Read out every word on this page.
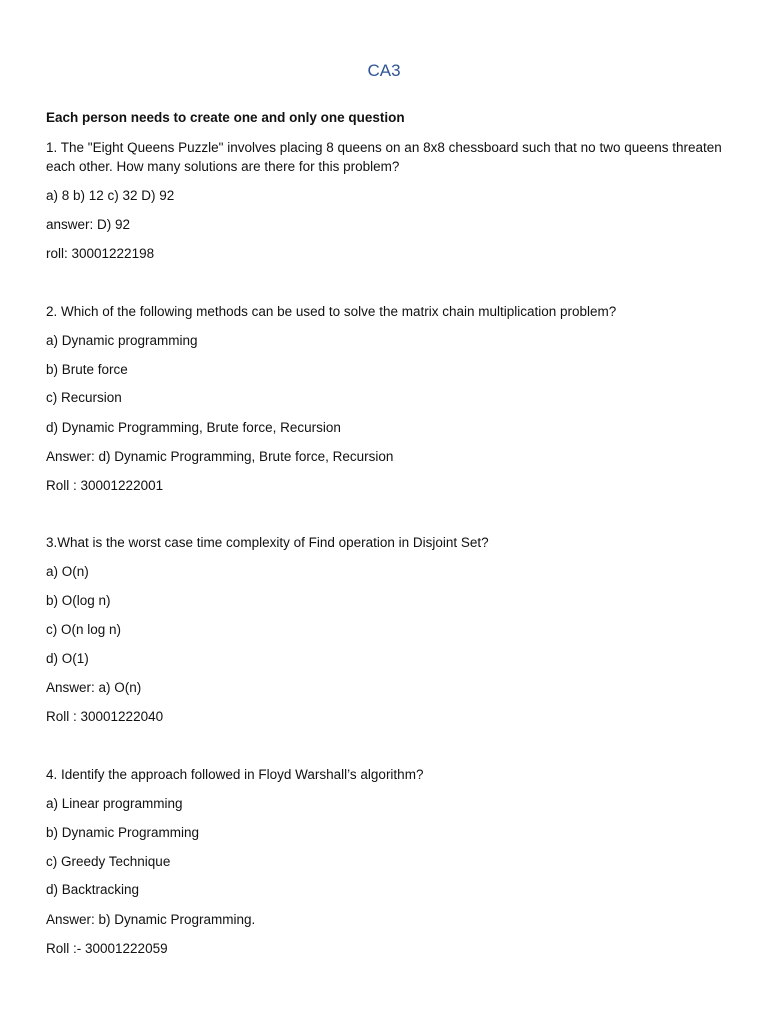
CA3
Each person needs to create one and only one question
1. The "Eight Queens Puzzle" involves placing 8 queens on an 8x8 chessboard such that no two queens threaten each other. How many solutions are there for this problem?
a) 8 b) 12 c) 32 D) 92
answer: D) 92
roll: 30001222198
2. Which of the following methods can be used to solve the matrix chain multiplication problem?
a) Dynamic programming
b) Brute force
c) Recursion
d) Dynamic Programming, Brute force, Recursion
Answer: d) Dynamic Programming, Brute force, Recursion
Roll : 30001222001
3.What is the worst case time complexity of Find operation in Disjoint Set?
a) O(n)
b) O(log n)
c) O(n log n)
d) O(1)
Answer: a) O(n)
Roll : 30001222040
4. Identify the approach followed in Floyd Warshall’s algorithm?
a) Linear programming
b) Dynamic Programming
c) Greedy Technique
d) Backtracking
Answer: b) Dynamic Programming.
Roll :- 30001222059
